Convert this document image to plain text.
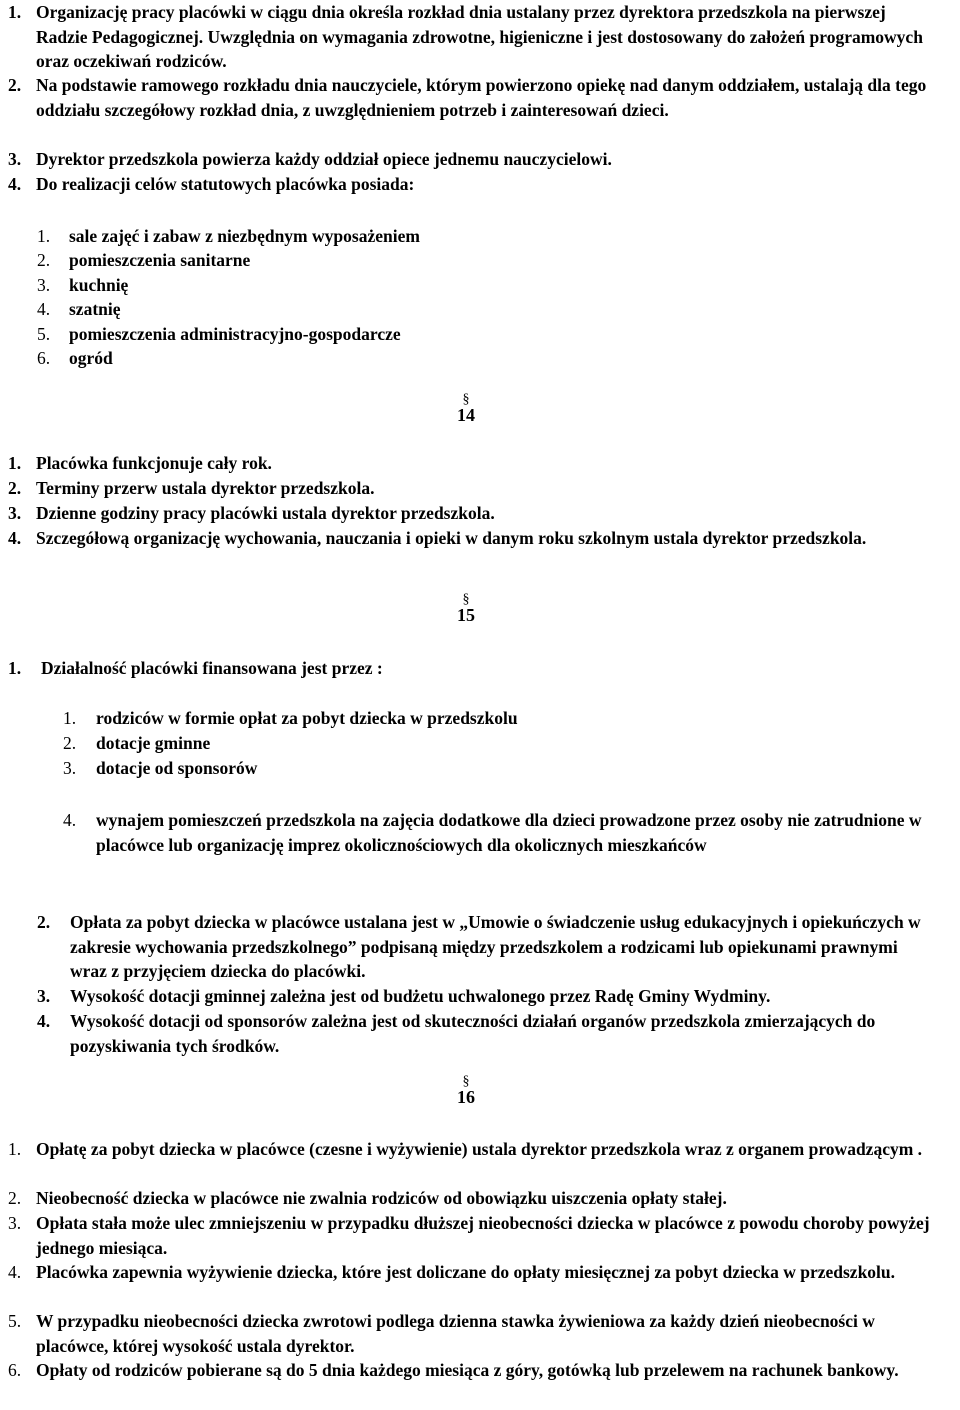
1. Organizację pracy placówki w ciągu dnia określa rozkład dnia ustalany przez dyrektora przedszkola na pierwszej Radzie Pedagogicznej. Uwzględnia on wymagania zdrowotne, higieniczne i jest dostosowany do założeń programowych oraz oczekiwań rodziców.
2. Na podstawie ramowego rozkładu dnia nauczyciele, którym powierzono opiekę nad danym oddziałem, ustalają dla tego oddziału szczegółowy rozkład dnia, z uwzględnieniem potrzeb i zainteresowań dzieci.
3. Dyrektor przedszkola powierza każdy oddział opiece jednemu nauczycielowi.
4. Do realizacji celów statutowych placówka posiada:
1.	sale zajęć i zabaw z niezbędnym wyposażeniem
2.	pomieszczenia sanitarne
3.	kuchnię
4.	szatnię
5.	pomieszczenia administracyjno-gospodarcze
6.	ogród
§
14
1. Placówka funkcjonuje cały rok.
2. Terminy przerw ustala dyrektor przedszkola.
3. Dzienne godziny pracy placówki ustala dyrektor przedszkola.
4. Szczegółową organizację wychowania, nauczania i opieki w danym roku szkolnym ustala dyrektor przedszkola.
§
15
1.	Działalność placówki finansowana jest przez :
1.	rodziców w formie opłat za pobyt dziecka w przedszkolu
2.	dotacje gminne
3.	dotacje od sponsorów
4.	wynajem pomieszczeń przedszkola na zajęcia dodatkowe dla dzieci prowadzone przez osoby nie zatrudnione w placówce lub organizację imprez okolicznościowych dla okolicznych mieszkańców
2.	Opłata za pobyt dziecka w placówce ustalana jest w „Umowie o świadczenie usług edukacyjnych i opiekuńczych w zakresie wychowania przedszkolnego” podpisaną między przedszkolem a rodzicami lub opiekunami prawnymi wraz z przyjęciem dziecka do placówki.
3.	Wysokość dotacji gminnej zależna jest od budżetu uchwalonego przez Radę Gminy Wydminy.
4.	Wysokość dotacji od sponsorów zależna jest od skuteczności działań organów przedszkola zmierzających do pozyskiwania tych środków.
§
16
1. Opłatę za pobyt dziecka w placówce (czesne i wyżywienie) ustala dyrektor przedszkola wraz z organem prowadzącym .
2. Nieobecność dziecka w placówce nie zwalnia rodziców od obowiązku uiszczenia opłaty stałej.
3. Opłata stała może ulec zmniejszeniu w przypadku dłuższej nieobecności dziecka w placówce z powodu choroby powyżej jednego miesiąca.
4. Placówka zapewnia wyżywienie dziecka, które jest doliczane do opłaty miesięcznej za pobyt dziecka w przedszkolu.
5. W przypadku nieobecności dziecka zwrotowi podlega dzienna stawka żywieniowa za każdy dzień nieobecności w placówce, której wysokość ustala dyrektor.
6. Opłaty od rodziców pobierane są do 5 dnia każdego miesiąca z góry, gotówką lub przelewem na rachunek bankowy.
